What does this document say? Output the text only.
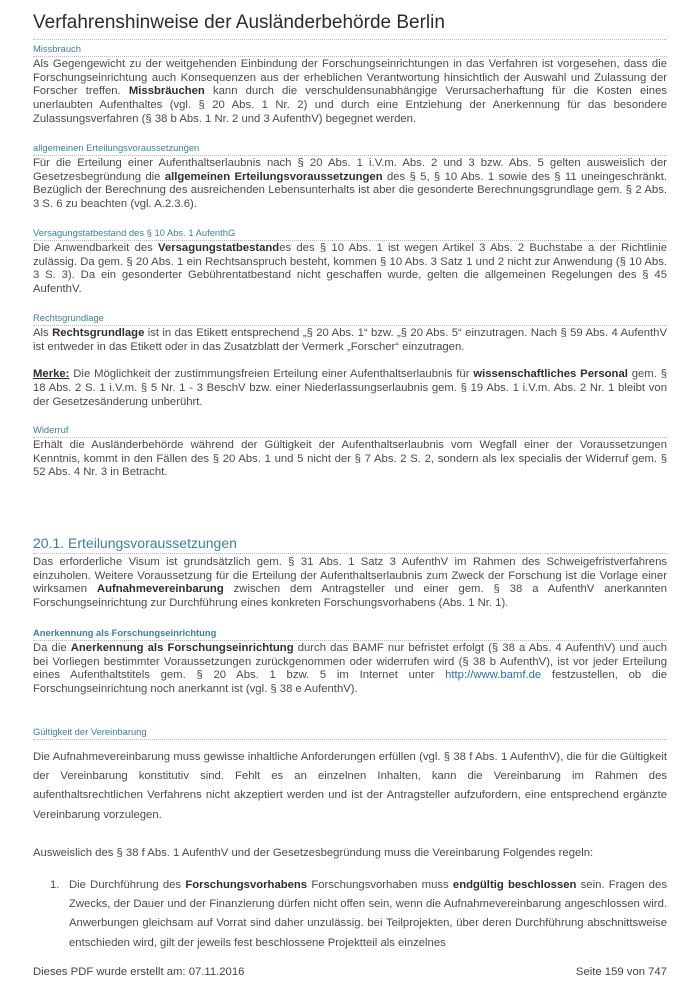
Verfahrenshinweise der Ausländerbehörde Berlin
Missbrauch

Als Gegengewicht zu der weitgehenden Einbindung der Forschungseinrichtungen in das Verfahren ist vorgesehen, dass die Forschungseinrichtung auch Konsequenzen aus der erheblichen Verantwortung hinsichtlich der Auswahl und Zulassung der Forscher treffen. Missbräuchen kann durch die verschuldensunabhängige Verursacherhaftung für die Kosten eines unerlaubten Aufenthaltes (vgl. § 20 Abs. 1 Nr. 2) und durch eine Entziehung der Anerkennung für das besondere Zulassungsverfahren (§ 38 b Abs. 1 Nr. 2 und 3 AufenthV) begegnet werden.

allgemeinen Erteilungsvoraussetzungen

Für die Erteilung einer Aufenthaltserlaubnis nach § 20 Abs. 1 i.V.m. Abs. 2 und 3 bzw. Abs. 5 gelten ausweislich der Gesetzesbegründung die allgemeinen Erteilungsvoraussetzungen des § 5, § 10 Abs. 1 sowie des § 11 uneingeschränkt. Bezüglich der Berechnung des ausreichenden Lebensunterhalts ist aber die gesonderte Berechnungsgrundlage gem. § 2 Abs. 3 S. 6 zu beachten (vgl. A.2.3.6).

Versagungstatbestand des § 10 Abs. 1 AufenthG

Die Anwendbarkeit des Versagungstatbestandes des § 10 Abs. 1 ist wegen Artikel 3 Abs. 2 Buchstabe a der Richtlinie zulässig. Da gem. § 20 Abs. 1 ein Rechtsanspruch besteht, kommen § 10 Abs. 3 Satz 1 und 2 nicht zur Anwendung (§ 10 Abs. 3 S. 3). Da ein gesonderter Gebührentatbestand nicht geschaffen wurde, gelten die allgemeinen Regelungen des § 45 AufenthV.

Rechtsgrundlage

Als Rechtsgrundlage ist in das Etikett entsprechend „§ 20 Abs. 1“ bzw. „§ 20 Abs. 5“ einzutragen. Nach § 59 Abs. 4 AufenthV ist entweder in das Etikett oder in das Zusatzblatt der Vermerk „Forscher“ einzutragen.

Merke: Die Möglichkeit der zustimmungsfreien Erteilung einer Aufenthaltserlaubnis für wissenschaftliches Personal gem. § 18 Abs. 2 S. 1 i.V.m. § 5 Nr. 1 - 3 BeschV bzw. einer Niederlassungserlaubnis gem. § 19 Abs. 1 i.V.m. Abs. 2 Nr. 1 bleibt von der Gesetzesänderung unberührt.

Widerruf

Erhält die Ausländerbehörde während der Gültigkeit der Aufenthaltserlaubnis vom Wegfall einer der Voraussetzungen Kenntnis, kommt in den Fällen des § 20 Abs. 1 und 5 nicht der § 7 Abs. 2 S. 2, sondern als lex specialis der Widerruf gem. § 52 Abs. 4 Nr. 3 in Betracht.

20.1. Erteilungsvoraussetzungen

Das erforderliche Visum ist grundsätzlich gem. § 31 Abs. 1 Satz 3 AufenthV im Rahmen des Schweigefristverfahrens einzuholen. Weitere Voraussetzung für die Erteilung der Aufenthaltserlaubnis zum Zweck der Forschung ist die Vorlage einer wirksamen Aufnahmevereinbarung zwischen dem Antragsteller und einer gem. § 38 a AufenthV anerkannten Forschungseinrichtung zur Durchführung eines konkreten Forschungsvorhabens (Abs. 1 Nr. 1).

Anerkennung als Forschungseinrichtung

Da die Anerkennung als Forschungseinrichtung durch das BAMF nur befristet erfolgt (§ 38 a Abs. 4 AufenthV) und auch bei Vorliegen bestimmter Voraussetzungen zurückgenommen oder widerrufen wird (§ 38 b AufenthV), ist vor jeder Erteilung eines Aufenthaltstitels gem. § 20 Abs. 1 bzw. 5 im Internet unter http://www.bamf.de festzustellen, ob die Forschungseinrichtung noch anerkannt ist (vgl. § 38 e AufenthV).

Gültigkeit der Vereinbarung

Die Aufnahmevereinbarung muss gewisse inhaltliche Anforderungen erfüllen (vgl. § 38 f Abs. 1 AufenthV), die für die Gültigkeit der Vereinbarung konstitutiv sind. Fehlt es an einzelnen Inhalten, kann die Vereinbarung im Rahmen des aufenthaltsrechtlichen Verfahrens nicht akzeptiert werden und ist der Antragsteller aufzufordern, eine entsprechend ergänzte Vereinbarung vorzulegen.

Ausweislich des § 38 f Abs. 1 AufenthV und der Gesetzesbegründung muss die Vereinbarung Folgendes regeln:

1. Die Durchführung des Forschungsvorhabens Forschungsvorhaben muss endgültig beschlossen sein. Fragen des Zwecks, der Dauer und der Finanzierung dürfen nicht offen sein, wenn die Aufnahmevereinbarung angeschlossen wird. Anwerbungen gleichsam auf Vorrat sind daher unzulässig. bei Teilprojekten, über deren Durchführung abschnittsweise entschieden wird, gilt der jeweils fest beschlossene Projektteil als einzelnes
Dieses PDF wurde erstellt am: 07.11.2016	Seite 159 von 747
